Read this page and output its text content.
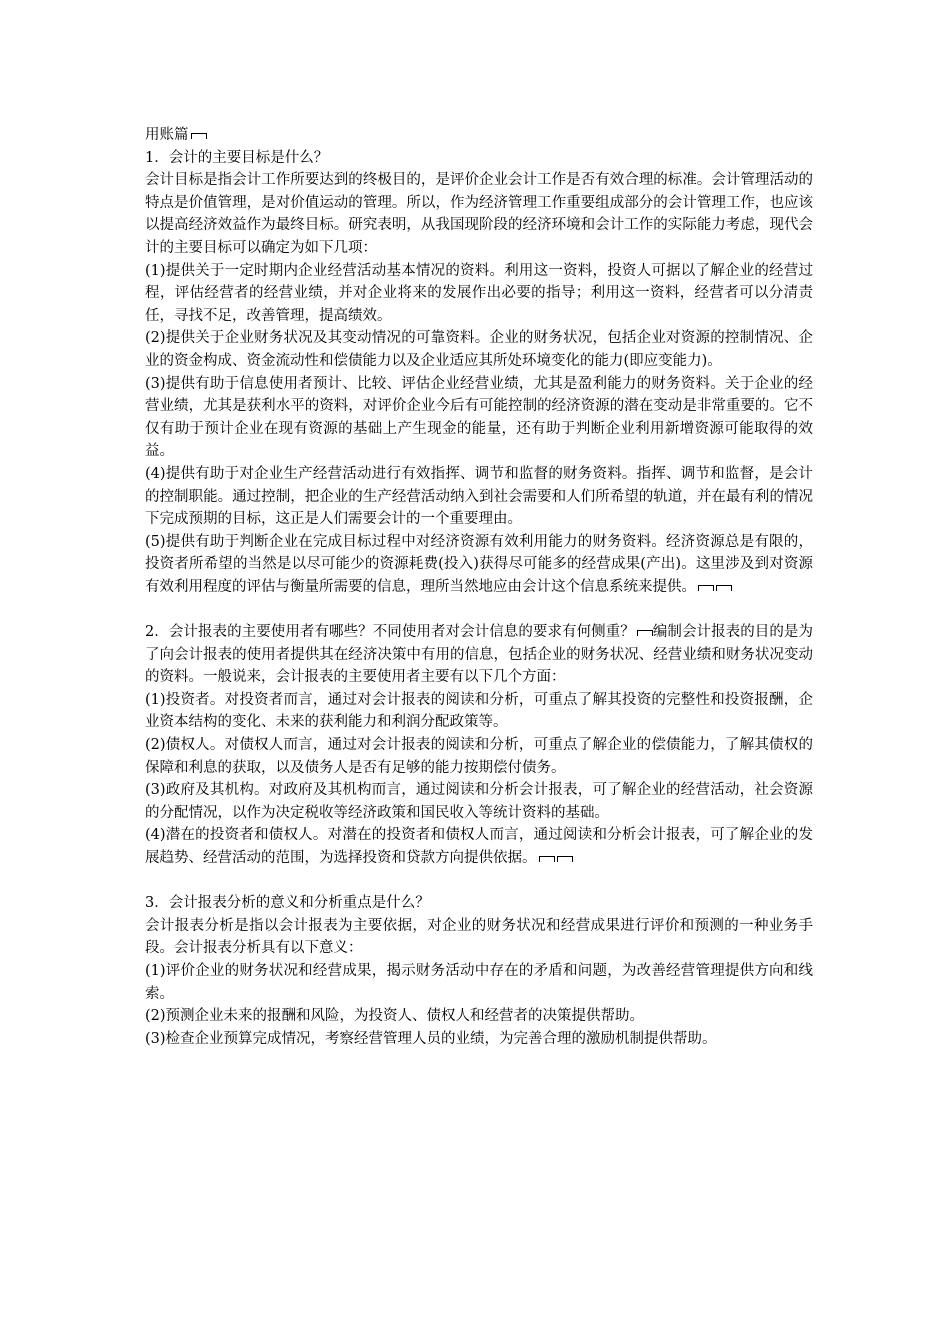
用账篇

1．会计的主要目标是什么？

会计目标是指会计工作所要达到的终极目的，是评价企业会计工作是否有效合理的标准。会计管理活动的特点是价值管理，是对价值运动的管理。所以，作为经济管理工作重要组成部分的会计管理工作，也应该以提高经济效益作为最终目标。研究表明，从我国现阶段的经济环境和会计工作的实际能力考虑，现代会计的主要目标可以确定为如下几项：

(1)提供关于一定时期内企业经营活动基本情况的资料。利用这一资料，投资人可据以了解企业的经营过程，评估经营者的经营业绩，并对企业将来的发展作出必要的指导；利用这一资料，经营者可以分清责任，寻找不足，改善管理，提高绩效。

(2)提供关于企业财务状况及其变动情况的可靠资料。企业的财务状况，包括企业对资源的控制情况、企业的资金构成、资金流动性和偿债能力以及企业适应其所处环境变化的能力(即应变能力)。

(3)提供有助于信息使用者预计、比较、评估企业经营业绩，尤其是盈利能力的财务资料。关于企业的经营业绩，尤其是获利水平的资料，对评价企业今后有可能控制的经济资源的潜在变动是非常重要的。它不仅有助于预计企业在现有资源的基础上产生现金的能量，还有助于判断企业利用新增资源可能取得的效益。

(4)提供有助于对企业生产经营活动进行有效指挥、调节和监督的财务资料。指挥、调节和监督，是会计的控制职能。通过控制，把企业的生产经营活动纳入到社会需要和人们所希望的轨道，并在最有利的情况下完成预期的目标，这正是人们需要会计的一个重要理由。

(5)提供有助于判断企业在完成目标过程中对经济资源有效利用能力的财务资料。经济资源总是有限的，投资者所希望的当然是以尽可能少的资源耗费(投入)获得尽可能多的经营成果(产出)。这里涉及到对资源有效利用程度的评估与衡量所需要的信息，理所当然地应由会计这个信息系统来提供。

2．会计报表的主要使用者有哪些？不同使用者对会计信息的要求有何侧重？ 编制会计报表的目的是为了向会计报表的使用者提供其在经济决策中有用的信息，包括企业的财务状况、经营业绩和财务状况变动的资料。一般说来，会计报表的主要使用者主要有以下几个方面：

(1)投资者。对投资者而言，通过对会计报表的阅读和分析，可重点了解其投资的完整性和投资报酬，企业资本结构的变化、未来的获利能力和利润分配政策等。

(2)债权人。对债权人而言，通过对会计报表的阅读和分析，可重点了解企业的偿债能力，了解其债权的保障和利息的获取，以及债务人是否有足够的能力按期偿付债务。

(3)政府及其机构。对政府及其机构而言，通过阅读和分析会计报表，可了解企业的经营活动，社会资源的分配情况，以作为决定税收等经济政策和国民收入等统计资料的基础。

(4)潜在的投资者和债权人。对潜在的投资者和债权人而言，通过阅读和分析会计报表，可了解企业的发展趋势、经营活动的范围，为选择投资和贷款方向提供依据。

3．会计报表分析的意义和分析重点是什么？

会计报表分析是指以会计报表为主要依据，对企业的财务状况和经营成果进行评价和预测的一种业务手段。会计报表分析具有以下意义：

(1)评价企业的财务状况和经营成果，揭示财务活动中存在的矛盾和问题，为改善经营管理提供方向和线索。

(2)预测企业未来的报酬和风险，为投资人、债权人和经营者的决策提供帮助。

(3)检查企业预算完成情况，考察经营管理人员的业绩，为完善合理的激励机制提供帮助。
